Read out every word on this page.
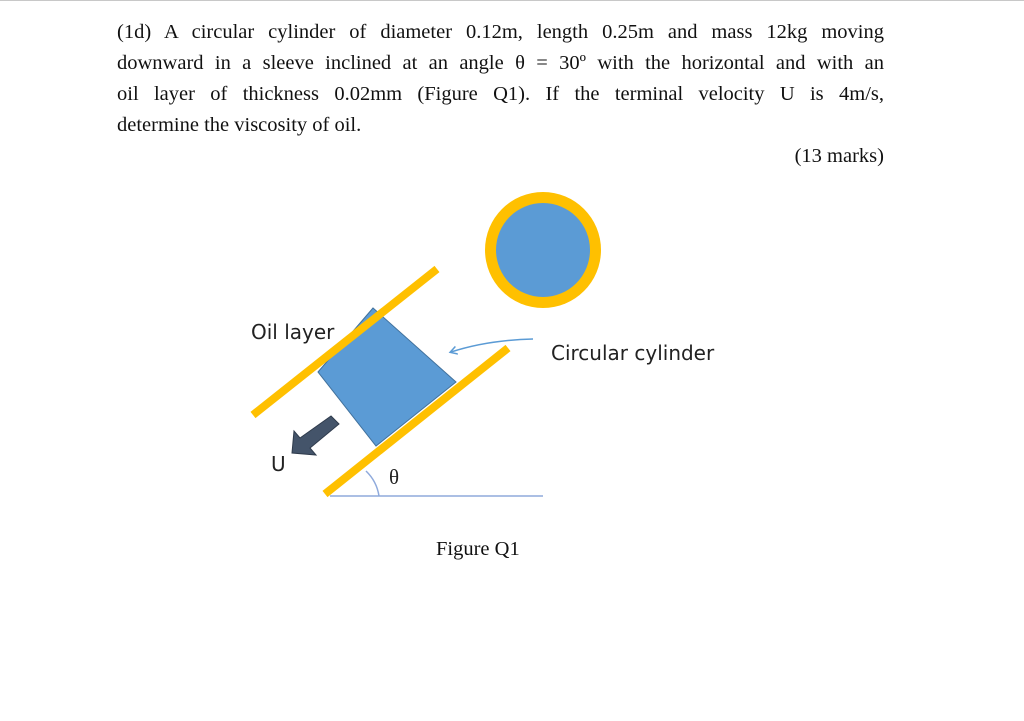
(1d) A circular cylinder of diameter 0.12m, length 0.25m and mass 12kg moving
downward in a sleeve inclined at an angle θ = 30º with the horizontal and with an
oil layer of thickness 0.02mm (Figure Q1). If the terminal velocity U is 4m/s,
determine the viscosity of oil.
(13 marks)
Oil layer
Circular cylinder
U
θ
Figure Q1
